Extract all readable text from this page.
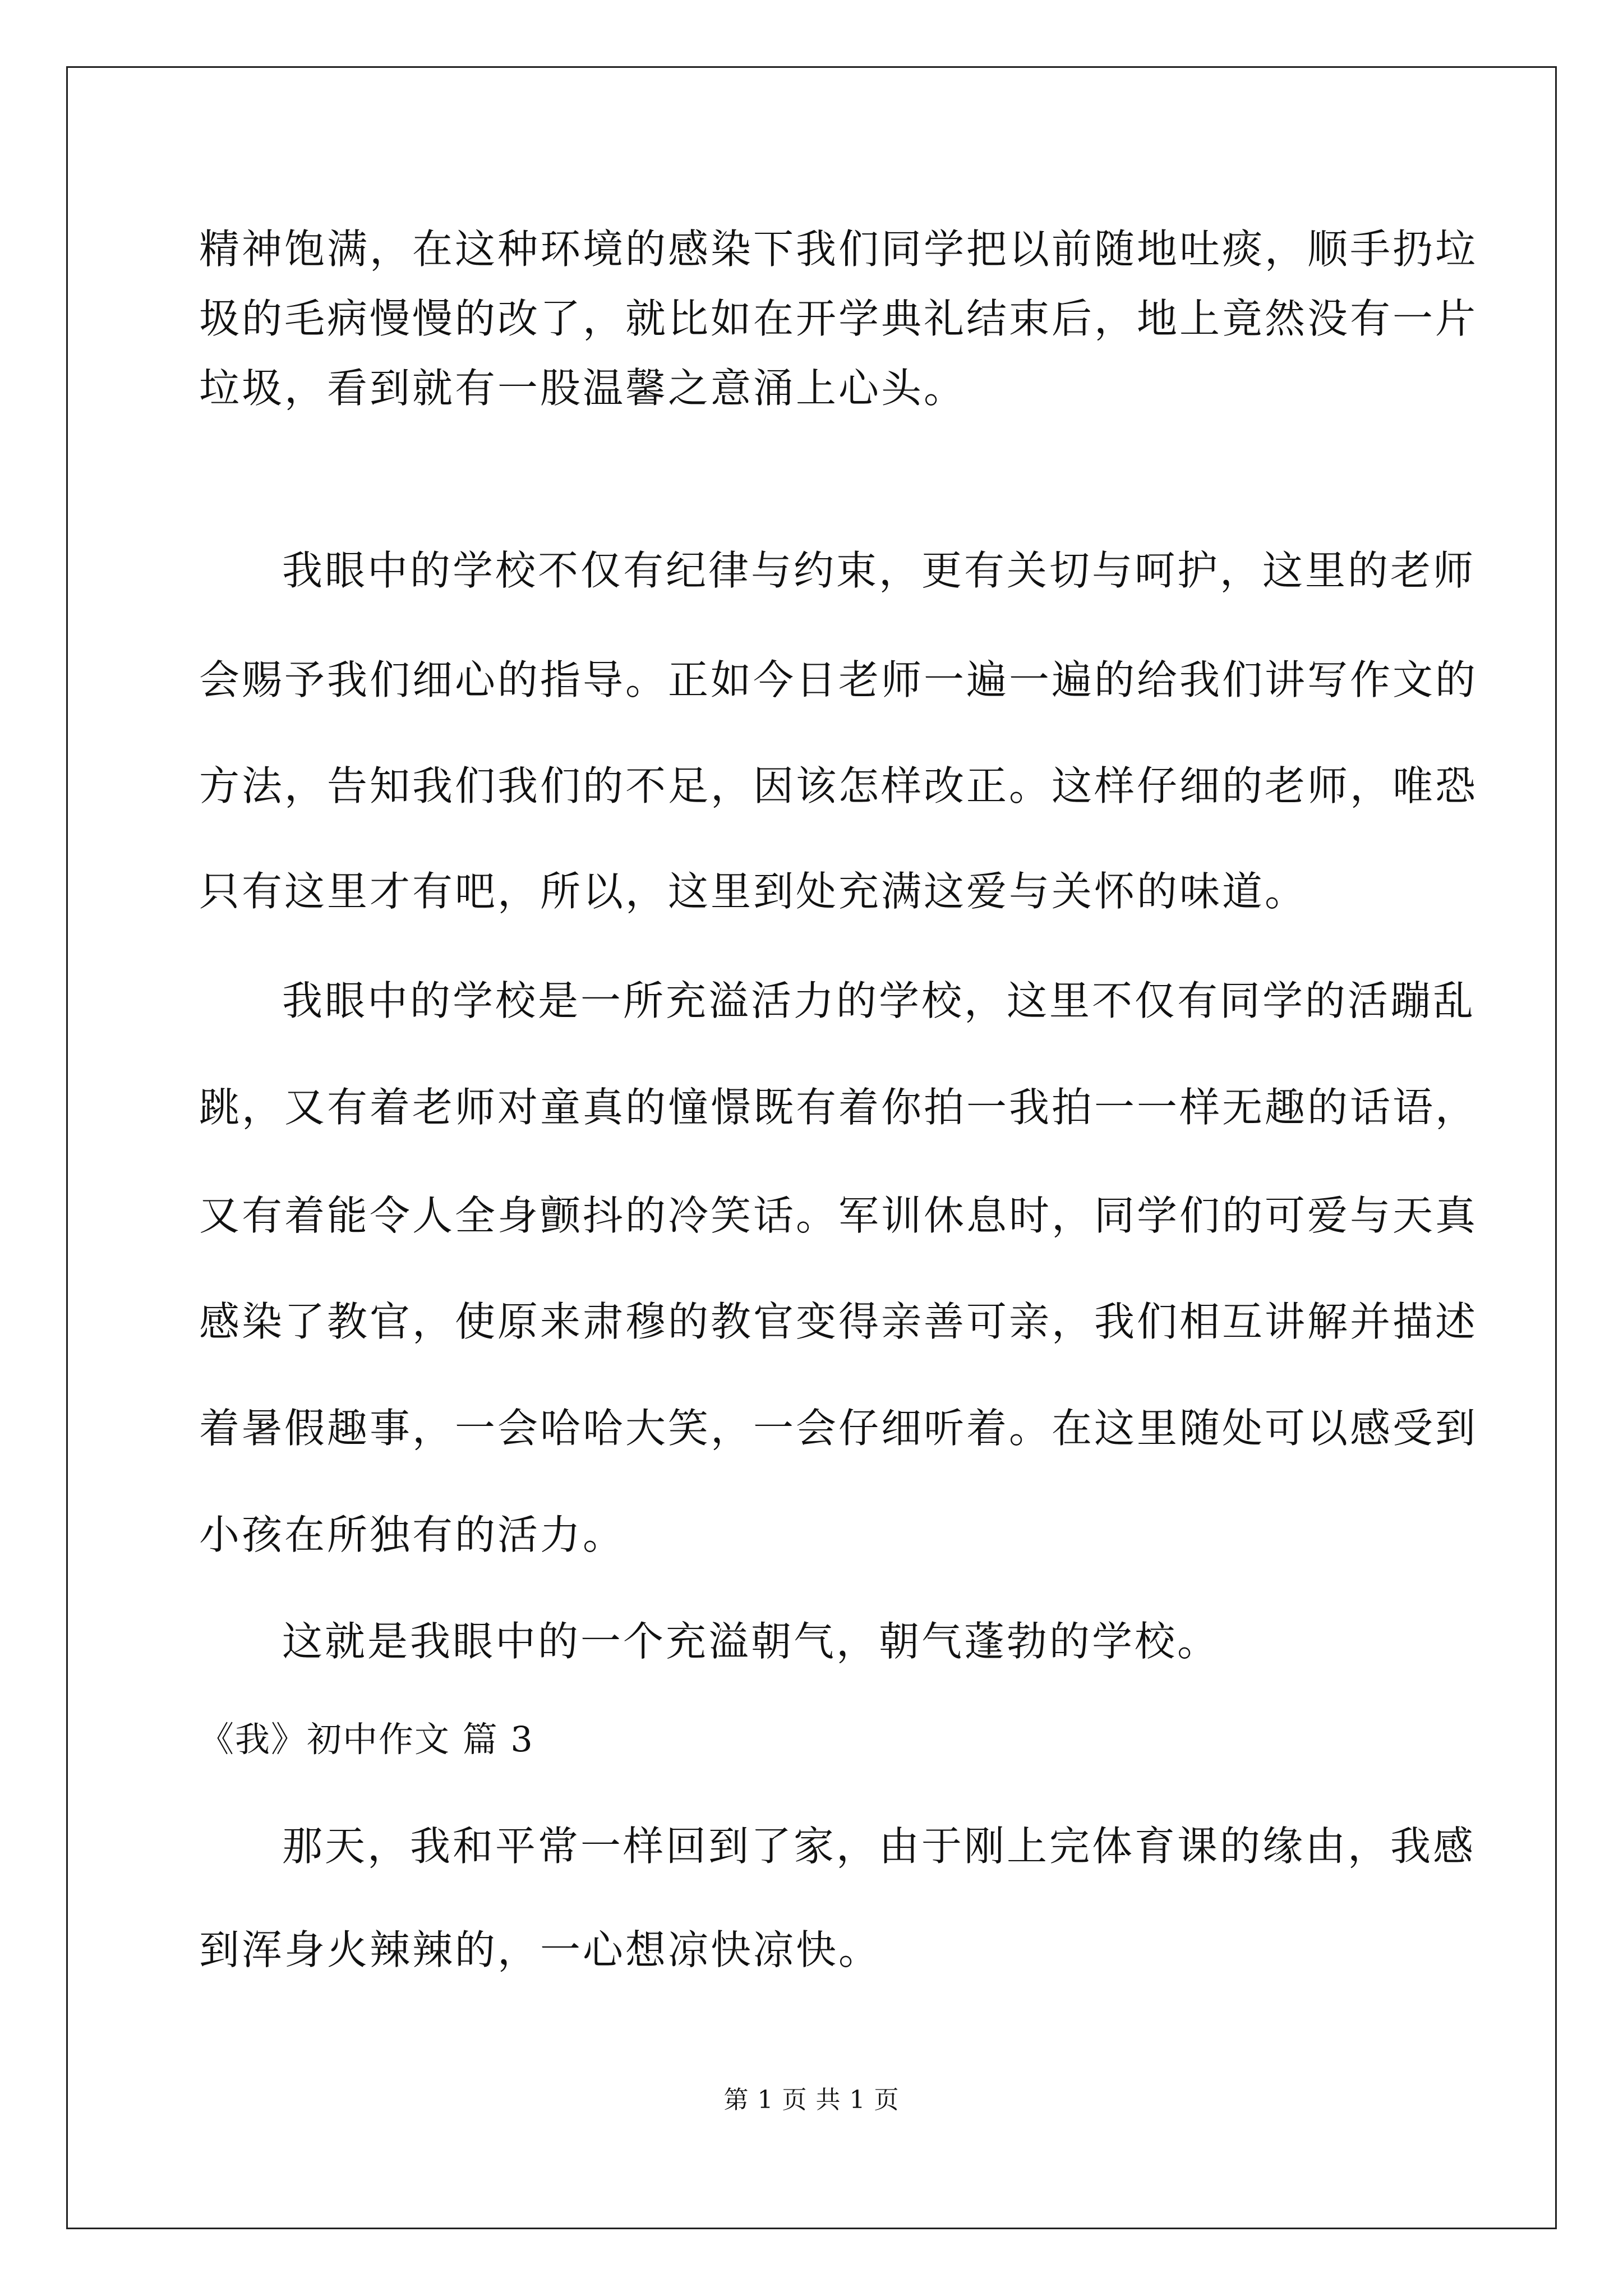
精神饱满，在这种环境的感染下我们同学把以前随地吐痰，顺手扔垃
圾的毛病慢慢的改了，就比如在开学典礼结束后，地上竟然没有一片
垃圾，看到就有一股温馨之意涌上心头。
我眼中的学校不仅有纪律与约束，更有关切与呵护，这里的老师
会赐予我们细心的指导。正如今日老师一遍一遍的给我们讲写作文的
方法，告知我们我们的不足，因该怎样改正。这样仔细的老师，唯恐
只有这里才有吧，所以，这里到处充满这爱与关怀的味道。
我眼中的学校是一所充溢活力的学校，这里不仅有同学的活蹦乱
跳，又有着老师对童真的憧憬既有着你拍一我拍一一样无趣的话语，
又有着能令人全身颤抖的冷笑话。军训休息时，同学们的可爱与天真
感染了教官，使原来肃穆的教官变得亲善可亲，我们相互讲解并描述
着暑假趣事，一会哈哈大笑，一会仔细听着。在这里随处可以感受到
小孩在所独有的活力。
这就是我眼中的一个充溢朝气，朝气蓬勃的学校。
《我》初中作文 篇 3
那天，我和平常一样回到了家，由于刚上完体育课的缘由，我感
到浑身火辣辣的，一心想凉快凉快。
第 1 页 共 1 页
